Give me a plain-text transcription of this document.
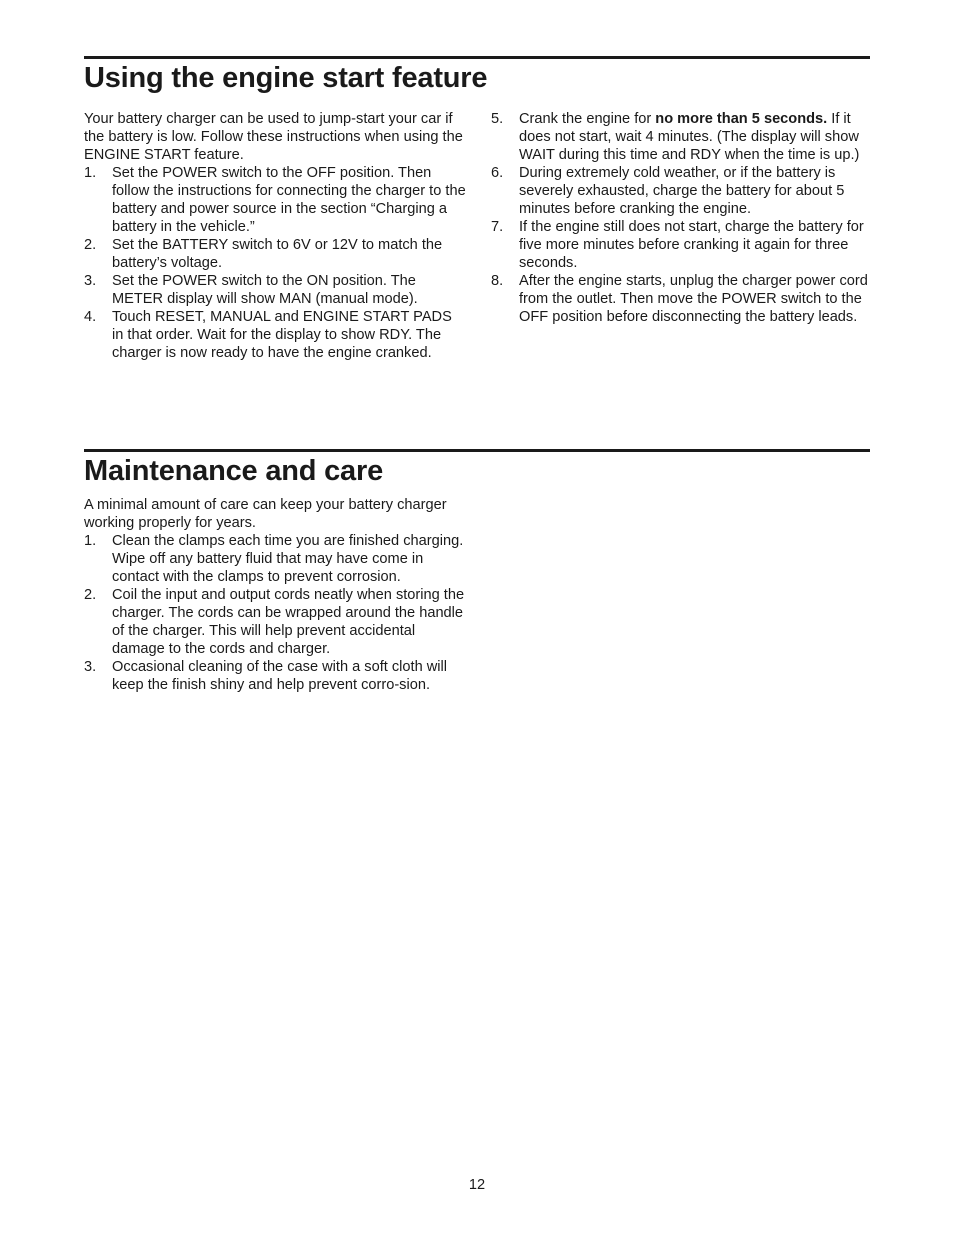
Using the engine start feature

Your battery charger can be used to jump-start your car if the battery is low. Follow these instructions when using the ENGINE START feature.

1.	Set the POWER switch to the OFF position. Then follow the instructions for connecting the charger to the battery and power source in the section “Charging a battery in the vehicle.”
2.	Set the BATTERY switch to 6V or 12V to match the battery’s voltage.
3.	Set the POWER switch to the ON position. The METER display will show MAN (manual mode).
4.	Touch RESET, MANUAL and ENGINE START PADS in that order. Wait for the display to show RDY. The charger is now ready to have the engine cranked.
5.	Crank the engine for no more than 5 seconds. If it does not start, wait 4 minutes. (The display will show WAIT during this time and RDY when the time is up.)
6.	During extremely cold weather, or if the battery is severely exhausted, charge the battery for about 5 minutes before cranking the engine.
7.	If the engine still does not start, charge the battery for five more minutes before cranking it again for three seconds.
8.	After the engine starts, unplug the charger power cord from the outlet. Then move the POWER switch to the OFF position before disconnecting the battery leads.
Maintenance and care

A minimal amount of care can keep your battery charger working properly for years.

1.	Clean the clamps each time you are finished charging. Wipe off any battery fluid that may have come in contact with the clamps to prevent corrosion.
2.	Coil the input and output cords neatly when storing the charger. The cords can be wrapped around the handle of the charger. This will help prevent accidental damage to the cords and charger.
3.	Occasional cleaning of the case with a soft cloth will keep the finish shiny and help prevent corro-sion.
12
